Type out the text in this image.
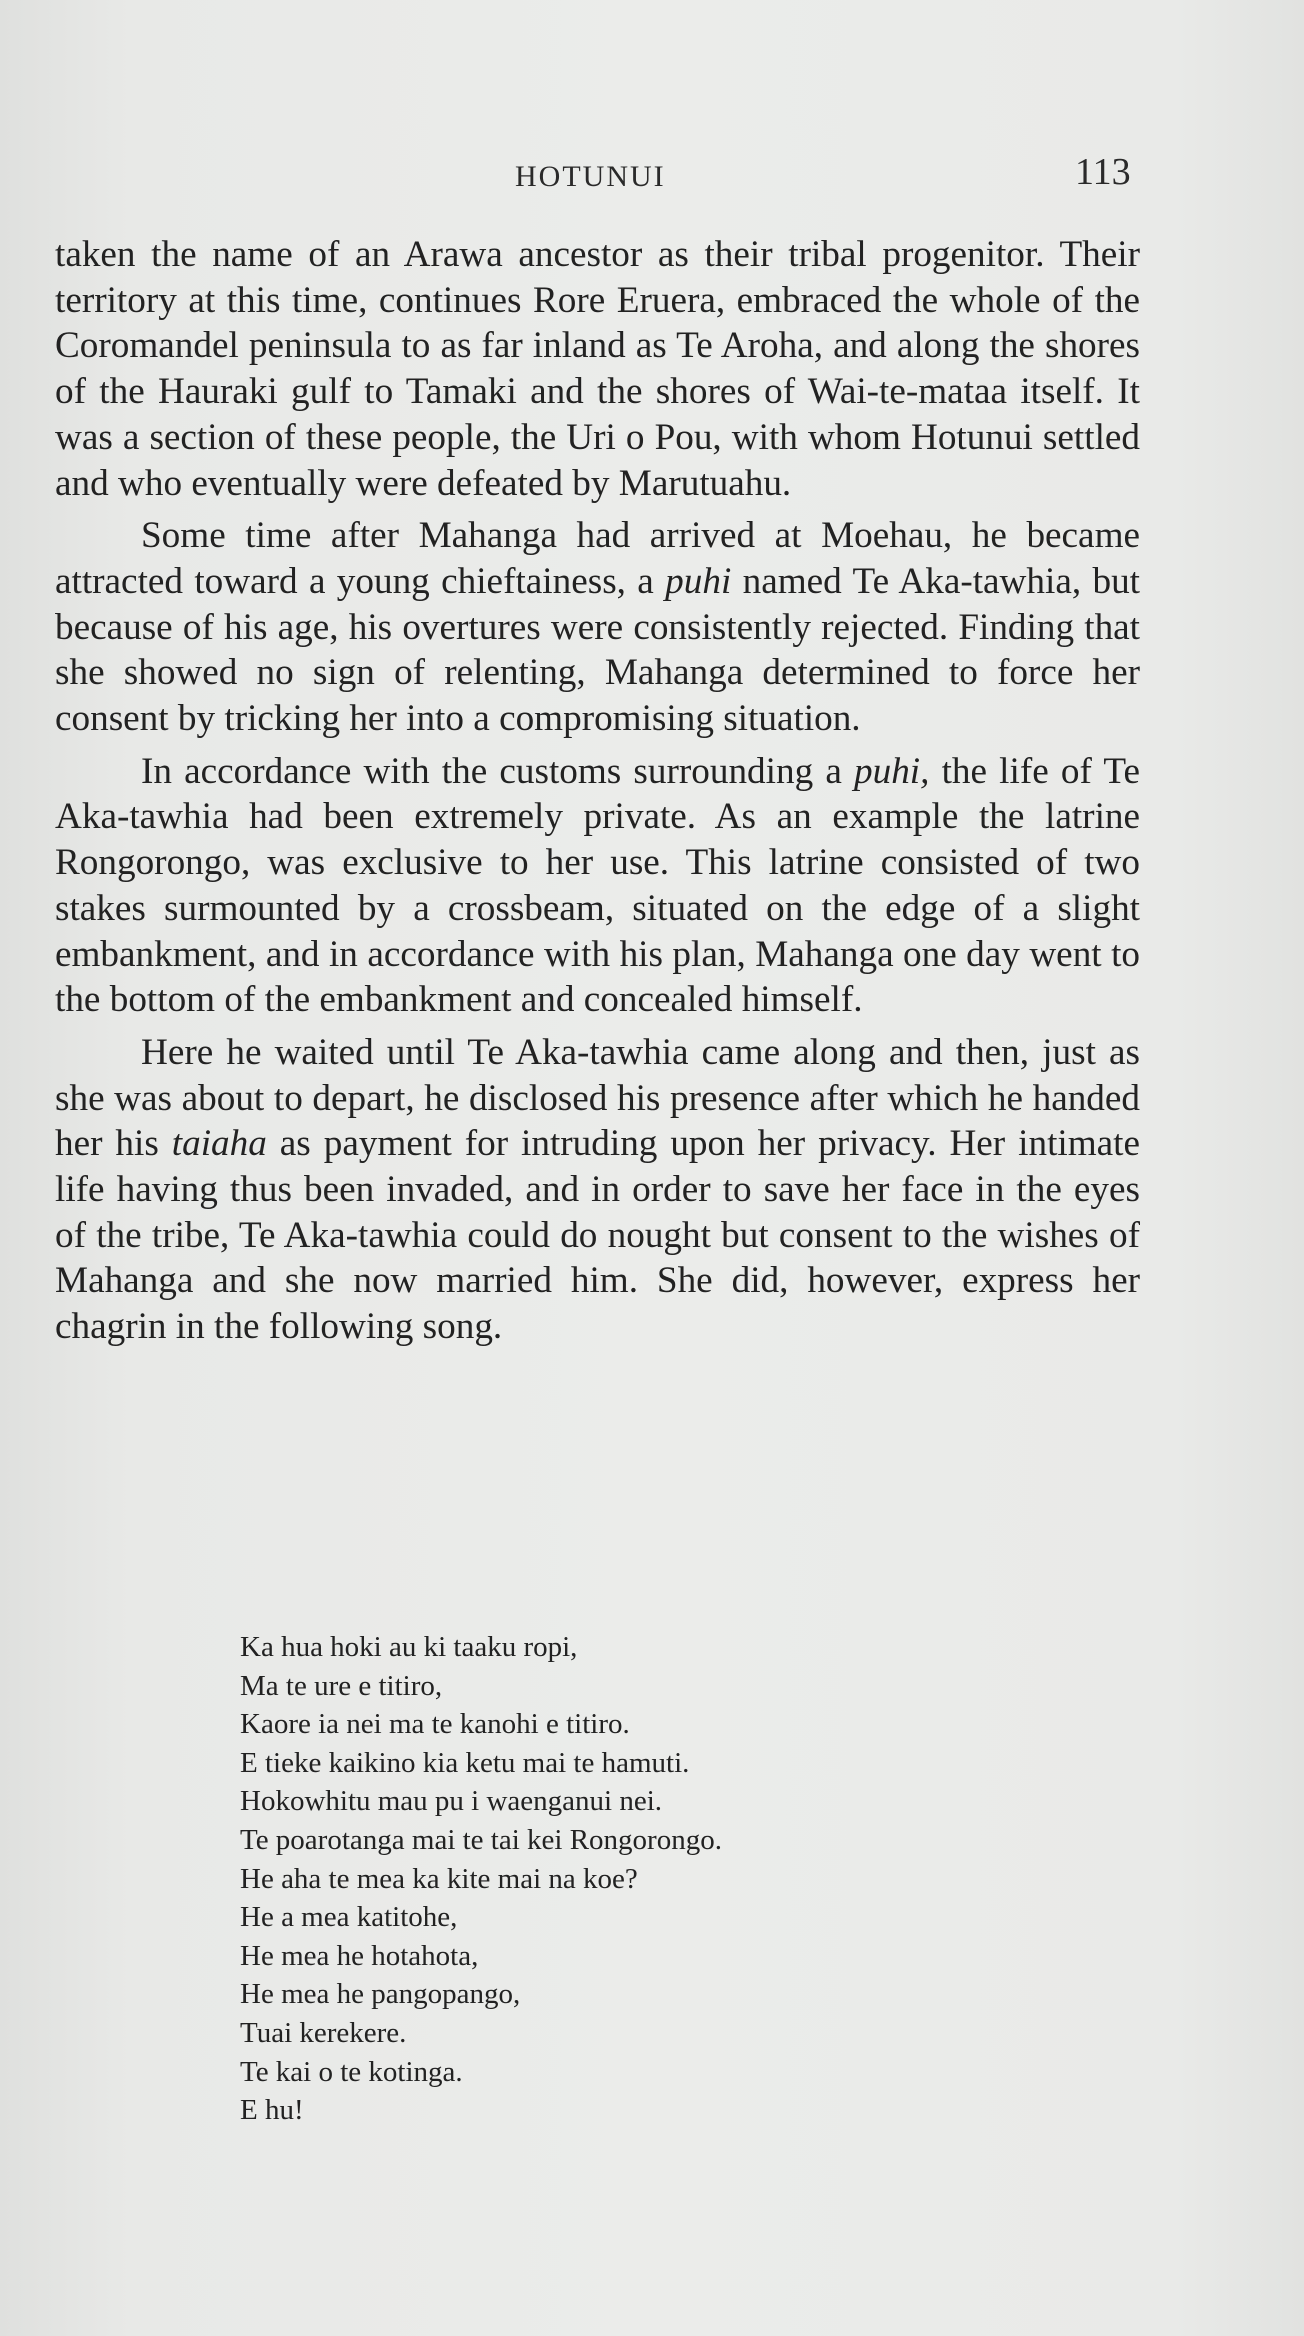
HOTUNUI	113

taken the name of an Arawa ancestor as their tribal progenitor. Their territory at this time, continues Rore Eruera, embraced the whole of the Coromandel peninsula to as far inland as Te Aroha, and along the shores of the Hauraki gulf to Tamaki and the shores of Wai-te-mataa itself. It was a section of these people, the Uri o Pou, with whom Hotunui settled and who eventually were defeated by Marutuahu.

Some time after Mahanga had arrived at Moehau, he became attracted toward a young chieftainess, a puhi named Te Aka-tawhia, but because of his age, his overtures were consistently rejected. Finding that she showed no sign of relenting, Mahanga determined to force her consent by tricking her into a compromising situation.

In accordance with the customs surrounding a puhi, the life of Te Aka-tawhia had been extremely private. As an example the latrine Rongorongo, was exclusive to her use. This latrine consisted of two stakes surmounted by a crossbeam, situated on the edge of a slight embankment, and in accordance with his plan, Mahanga one day went to the bottom of the embankment and concealed himself.

Here he waited until Te Aka-tawhia came along and then, just as she was about to depart, he disclosed his presence after which he handed her his taiaha as payment for intruding upon her privacy. Her intimate life having thus been invaded, and in order to save her face in the eyes of the tribe, Te Aka-tawhia could do nought but consent to the wishes of Mahanga and she now married him. She did, however, express her chagrin in the following song.

Ka hua hoki au ki taaku ropi,
Ma te ure e titiro,
Kaore ia nei ma te kanohi e titiro.
E tieke kaikino kia ketu mai te hamuti.
Hokowhitu mau pu i waenganui nei.
Te poarotanga mai te tai kei Rongorongo.
He aha te mea ka kite mai na koe?
He a mea katitohe,
He mea he hotahota,
He mea he pangopango,
Tuai kerekere.
Te kai o te kotinga.
E hu!
